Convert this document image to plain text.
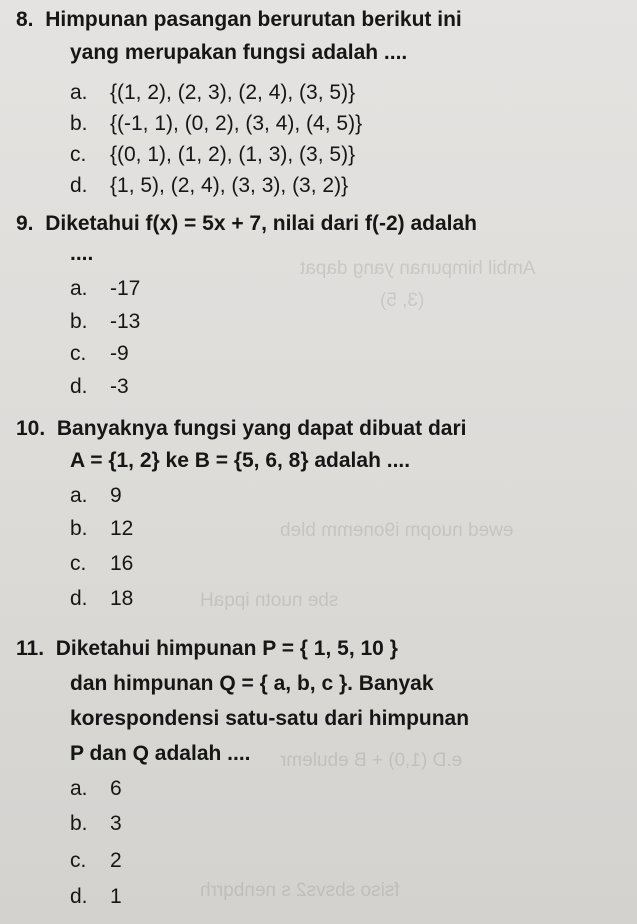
Ambil himpunan yang dapat
(3, 5)
ewed nuopm i9onemm bleb
sbe nuotn ipqaH
e.D (1,0) + B ebulemr
fsiso sbsvs2 s nenbqrrh
8. Himpunan pasangan berurutan berikut ini
yang merupakan fungsi adalah ....
a. {(1, 2), (2, 3), (2, 4), (3, 5)}
b. {(-1, 1), (0, 2), (3, 4), (4, 5)}
c. {(0, 1), (1, 2), (1, 3), (3, 5)}
d. {1, 5), (2, 4), (3, 3), (3, 2)}
9. Diketahui f(x) = 5x + 7, nilai dari f(-2) adalah
....
a. -17
b. -13
c. -9
d. -3
10. Banyaknya fungsi yang dapat dibuat dari
A = {1, 2} ke B = {5, 6, 8} adalah ....
a. 9
b. 12
c. 16
d. 18
11. Diketahui himpunan P = { 1, 5, 10 }
dan himpunan Q = { a, b, c }. Banyak
korespondensi satu-satu dari himpunan
P dan Q adalah ....
a. 6
b. 3
c. 2
d. 1
